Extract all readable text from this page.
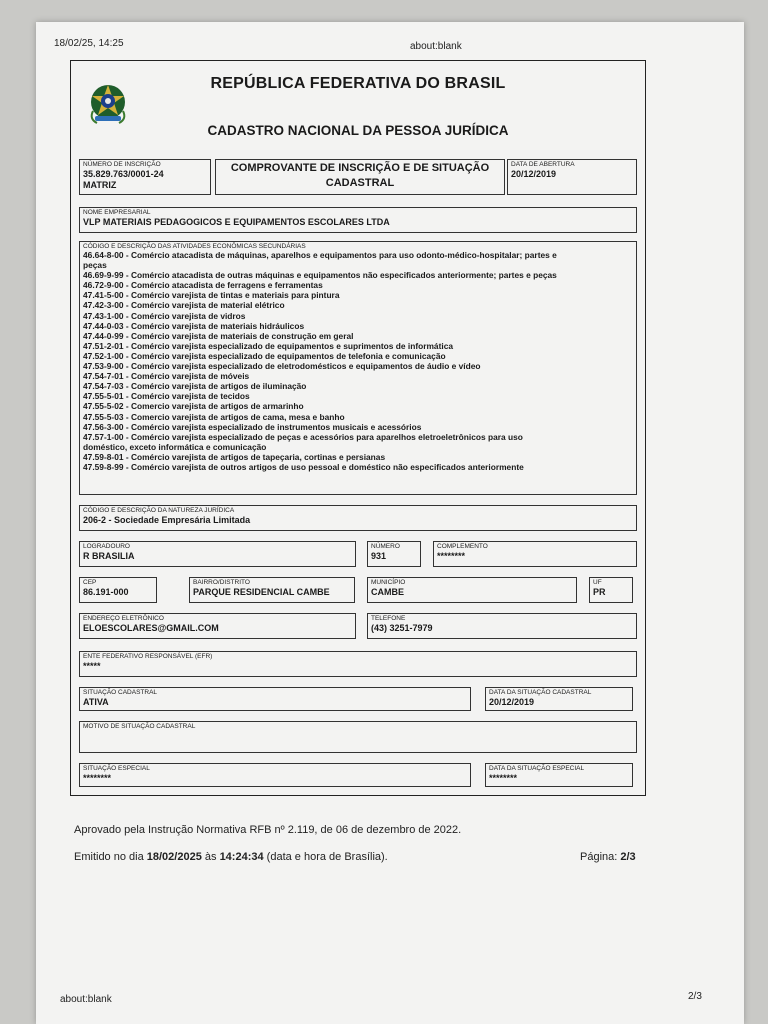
18/02/25, 14:25	about:blank
REPÚBLICA FEDERATIVA DO BRASIL
CADASTRO NACIONAL DA PESSOA JURÍDICA
NÚMERO DE INSCRIÇÃO
35.829.763/0001-24
MATRIZ
COMPROVANTE DE INSCRIÇÃO E DE SITUAÇÃO
CADASTRAL
DATA DE ABERTURA
20/12/2019
NOME EMPRESARIAL
VLP MATERIAIS PEDAGOGICOS E EQUIPAMENTOS ESCOLARES LTDA
CÓDIGO E DESCRIÇÃO DAS ATIVIDADES ECONÔMICAS SECUNDÁRIAS
46.64-8-00 - Comércio atacadista de máquinas, aparelhos e equipamentos para uso odonto-médico-hospitalar; partes e
peças
46.69-9-99 - Comércio atacadista de outras máquinas e equipamentos não especificados anteriormente; partes e peças
46.72-9-00 - Comércio atacadista de ferragens e ferramentas
47.41-5-00 - Comércio varejista de tintas e materiais para pintura
47.42-3-00 - Comércio varejista de material elétrico
47.43-1-00 - Comércio varejista de vidros
47.44-0-03 - Comércio varejista de materiais hidráulicos
47.44-0-99 - Comércio varejista de materiais de construção em geral
47.51-2-01 - Comércio varejista especializado de equipamentos e suprimentos de informática
47.52-1-00 - Comércio varejista especializado de equipamentos de telefonia e comunicação
47.53-9-00 - Comércio varejista especializado de eletrodomésticos e equipamentos de áudio e vídeo
47.54-7-01 - Comércio varejista de móveis
47.54-7-03 - Comércio varejista de artigos de iluminação
47.55-5-01 - Comércio varejista de tecidos
47.55-5-02 - Comercio varejista de artigos de armarinho
47.55-5-03 - Comercio varejista de artigos de cama, mesa e banho
47.56-3-00 - Comércio varejista especializado de instrumentos musicais e acessórios
47.57-1-00 - Comércio varejista especializado de peças e acessórios para aparelhos eletroeletrônicos para uso
doméstico, exceto informática e comunicação
47.59-8-01 - Comércio varejista de artigos de tapeçaria, cortinas e persianas
47.59-8-99 - Comércio varejista de outros artigos de uso pessoal e doméstico não especificados anteriormente
CÓDIGO E DESCRIÇÃO DA NATUREZA JURÍDICA
206-2 - Sociedade Empresária Limitada
LOGRADOURO
R BRASILIA
NÚMERO
931
COMPLEMENTO
********
CEP
86.191-000
BAIRRO/DISTRITO
PARQUE RESIDENCIAL CAMBE
MUNICÍPIO
CAMBE
UF
PR
ENDEREÇO ELETRÔNICO
ELOESCOLARES@GMAIL.COM
TELEFONE
(43) 3251-7979
ENTE FEDERATIVO RESPONSÁVEL (EFR)
*****
SITUAÇÃO CADASTRAL
ATIVA
DATA DA SITUAÇÃO CADASTRAL
20/12/2019
MOTIVO DE SITUAÇÃO CADASTRAL
SITUAÇÃO ESPECIAL
********
DATA DA SITUAÇÃO ESPECIAL
********
Aprovado pela Instrução Normativa RFB nº 2.119, de 06 de dezembro de 2022.
Emitido no dia 18/02/2025 às 14:24:34 (data e hora de Brasília).	Página: 2/3
about:blank	2/3
